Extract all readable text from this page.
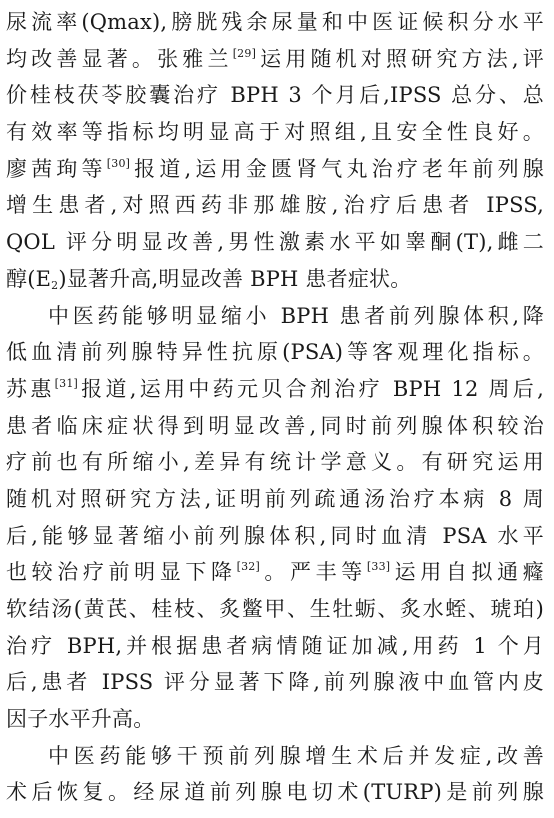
尿流率(Qmax),膀胱残余尿量和中医证候积分水平
均改善显著。张雅兰[29]运用随机对照研究方法,评
价桂枝茯苓胶囊治疗 BPH 3 个月后,IPSS 总分、总
有效率等指标均明显高于对照组,且安全性良好。
廖茜珣等[30]报道,运用金匮肾气丸治疗老年前列腺
增生患者,对照西药非那雄胺,治疗后患者 IPSS,
QOL 评分明显改善,男性激素水平如睾酮(T),雌二
醇$(E_2)$显著升高,明显改善 BPH 患者症状。
中医药能够明显缩小 BPH 患者前列腺体积,降
低血清前列腺特异性抗原(PSA)等客观理化指标。
苏惠[31]报道,运用中药元贝合剂治疗 BPH 12 周后,
患者临床症状得到明显改善,同时前列腺体积较治
疗前也有所缩小,差异有统计学意义。有研究运用
随机对照研究方法,证明前列疏通汤治疗本病 8 周
后,能够显著缩小前列腺体积,同时血清 PSA 水平
也较治疗前明显下降[32]。严丰等[33]运用自拟通癃
软结汤(黄芪、桂枝、炙鳖甲、生牡蛎、炙水蛭、琥珀)
治疗 BPH,并根据患者病情随证加减,用药 1 个月
后,患者 IPSS 评分显著下降,前列腺液中血管内皮
因子水平升高。
中医药能够干预前列腺增生术后并发症,改善
术后恢复。经尿道前列腺电切术(TURP)是前列腺
